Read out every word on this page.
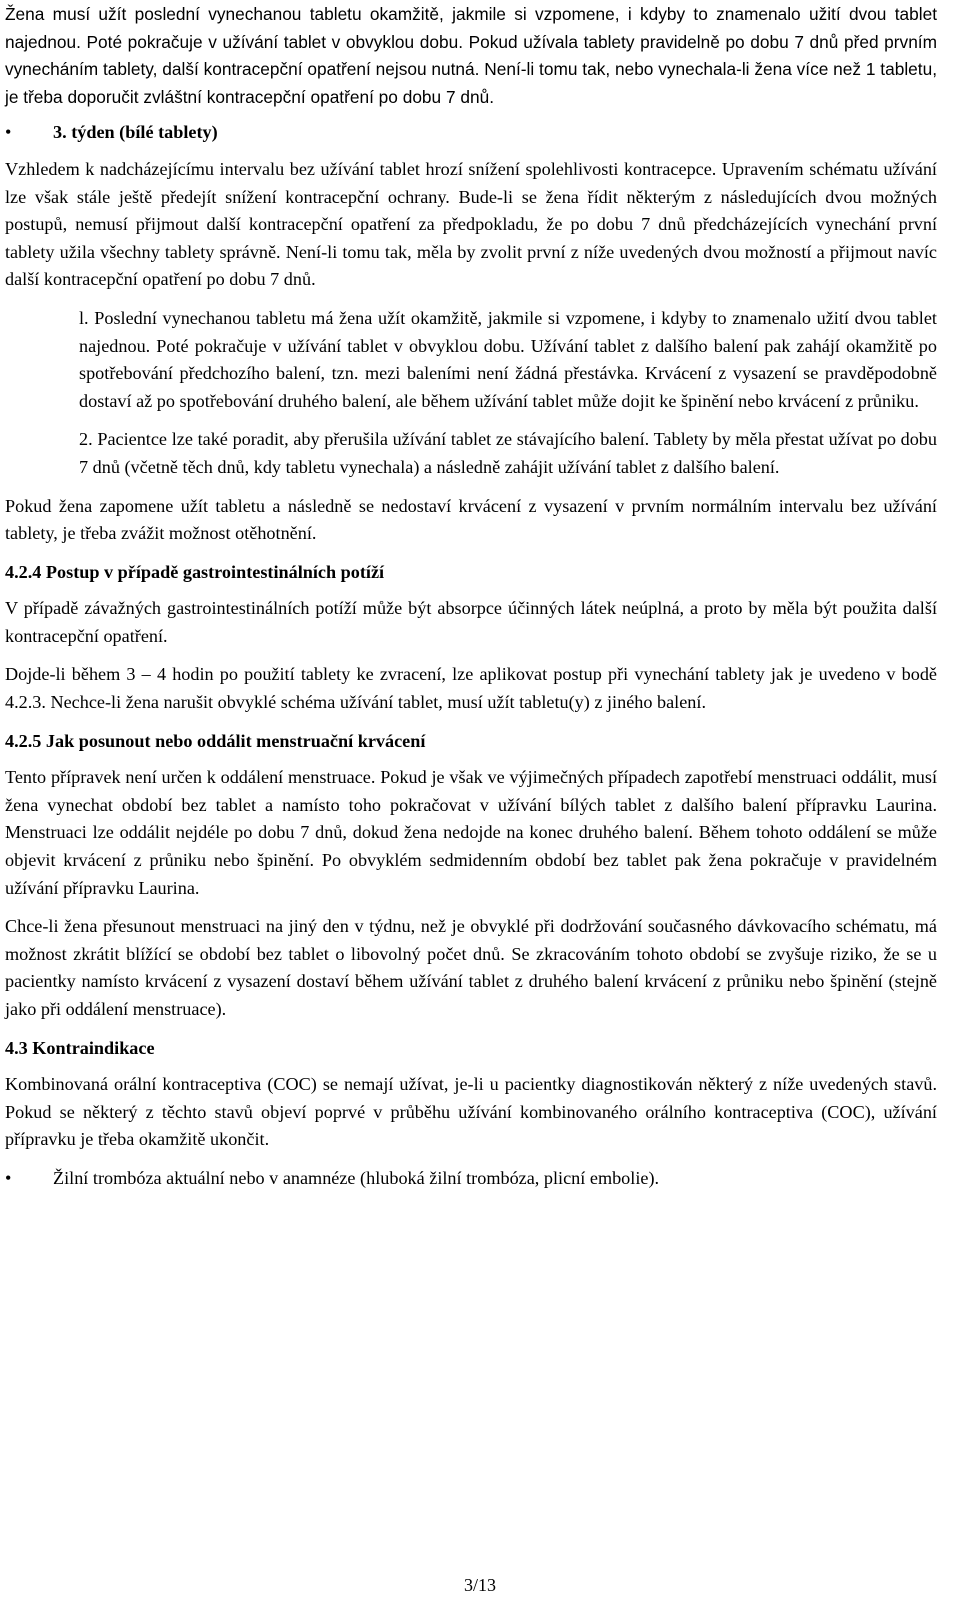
Žena musí užít poslední vynechanou tabletu okamžitě, jakmile si vzpomene, i kdyby to znamenalo užití dvou tablet najednou. Poté pokračuje v užívání tablet v obvyklou dobu. Pokud užívala tablety pravidelně po dobu 7 dnů před prvním vynecháním tablety, další kontracepční opatření nejsou nutná. Není-li tomu tak, nebo vynechala-li žena více než 1 tabletu, je třeba doporučit zvláštní kontracepční opatření po dobu 7 dnů.

• 3. týden (bílé tablety)

Vzhledem k nadcházejícímu intervalu bez užívání tablet hrozí snížení spolehlivosti kontracepce. Upravením schématu užívání lze však stále ještě předejít snížení kontracepční ochrany. Bude-li se žena řídit některým z následujících dvou možných postupů, nemusí přijmout další kontracepční opatření za předpokladu, že po dobu 7 dnů předcházejících vynechání první tablety užila všechny tablety správně. Není-li tomu tak, měla by zvolit první z níže uvedených dvou možností a přijmout navíc další kontracepční opatření po dobu 7 dnů.

l. Poslední vynechanou tabletu má žena užít okamžitě, jakmile si vzpomene, i kdyby to znamenalo užití dvou tablet najednou. Poté pokračuje v užívání tablet v obvyklou dobu. Užívání tablet z dalšího balení pak zahájí okamžitě po spotřebování předchozího balení, tzn. mezi baleními není žádná přestávka. Krvácení z vysazení se pravděpodobně dostaví až po spotřebování druhého balení, ale během užívání tablet může dojit ke špinění nebo krvácení z průniku.

2. Pacientce lze také poradit, aby přerušila užívání tablet ze stávajícího balení. Tablety by měla přestat užívat po dobu 7 dnů (včetně těch dnů, kdy tabletu vynechala) a následně zahájit užívání tablet z dalšího balení.

Pokud žena zapomene užít tabletu a následně se nedostaví krvácení z vysazení v prvním normálním intervalu bez užívání tablety, je třeba zvážit možnost otěhotnění.

4.2.4 Postup v případě gastrointestinálních potíží

V případě závažných gastrointestinálních potíží může být absorpce účinných látek neúplná, a proto by měla být použita další kontracepční opatření.

Dojde-li během 3 – 4 hodin po použití tablety ke zvracení, lze aplikovat postup při vynechání tablety jak je uvedeno v bodě 4.2.3. Nechce-li žena narušit obvyklé schéma užívání tablet, musí užít tabletu(y) z jiného balení.

4.2.5 Jak posunout nebo oddálit menstruační krvácení

Tento přípravek není určen k oddálení menstruace. Pokud je však ve výjimečných případech zapotřebí menstruaci oddálit, musí žena vynechat období bez tablet a namísto toho pokračovat v užívání bílých tablet z dalšího balení přípravku Laurina. Menstruaci lze oddálit nejdéle po dobu 7 dnů, dokud žena nedojde na konec druhého balení. Během tohoto oddálení se může objevit krvácení z průniku nebo špinění. Po obvyklém sedmidenním období bez tablet pak žena pokračuje v pravidelném užívání přípravku Laurina.

Chce-li žena přesunout menstruaci na jiný den v týdnu, než je obvyklé při dodržování současného dávkovacího schématu, má možnost zkrátit blížící se období bez tablet o libovolný počet dnů. Se zkracováním tohoto období se zvyšuje riziko, že se u pacientky namísto krvácení z vysazení dostaví během užívání tablet z druhého balení krvácení z průniku nebo špinění (stejně jako při oddálení menstruace).

4.3 Kontraindikace

Kombinovaná orální kontraceptiva (COC) se nemají užívat, je-li u pacientky diagnostikován některý z níže uvedených stavů. Pokud se některý z těchto stavů objeví poprvé v průběhu užívání kombinovaného orálního kontraceptiva (COC), užívání přípravku je třeba okamžitě ukončit.

• Žilní trombóza aktuální nebo v anamnéze (hluboká žilní trombóza, plicní embolie).
3/13
